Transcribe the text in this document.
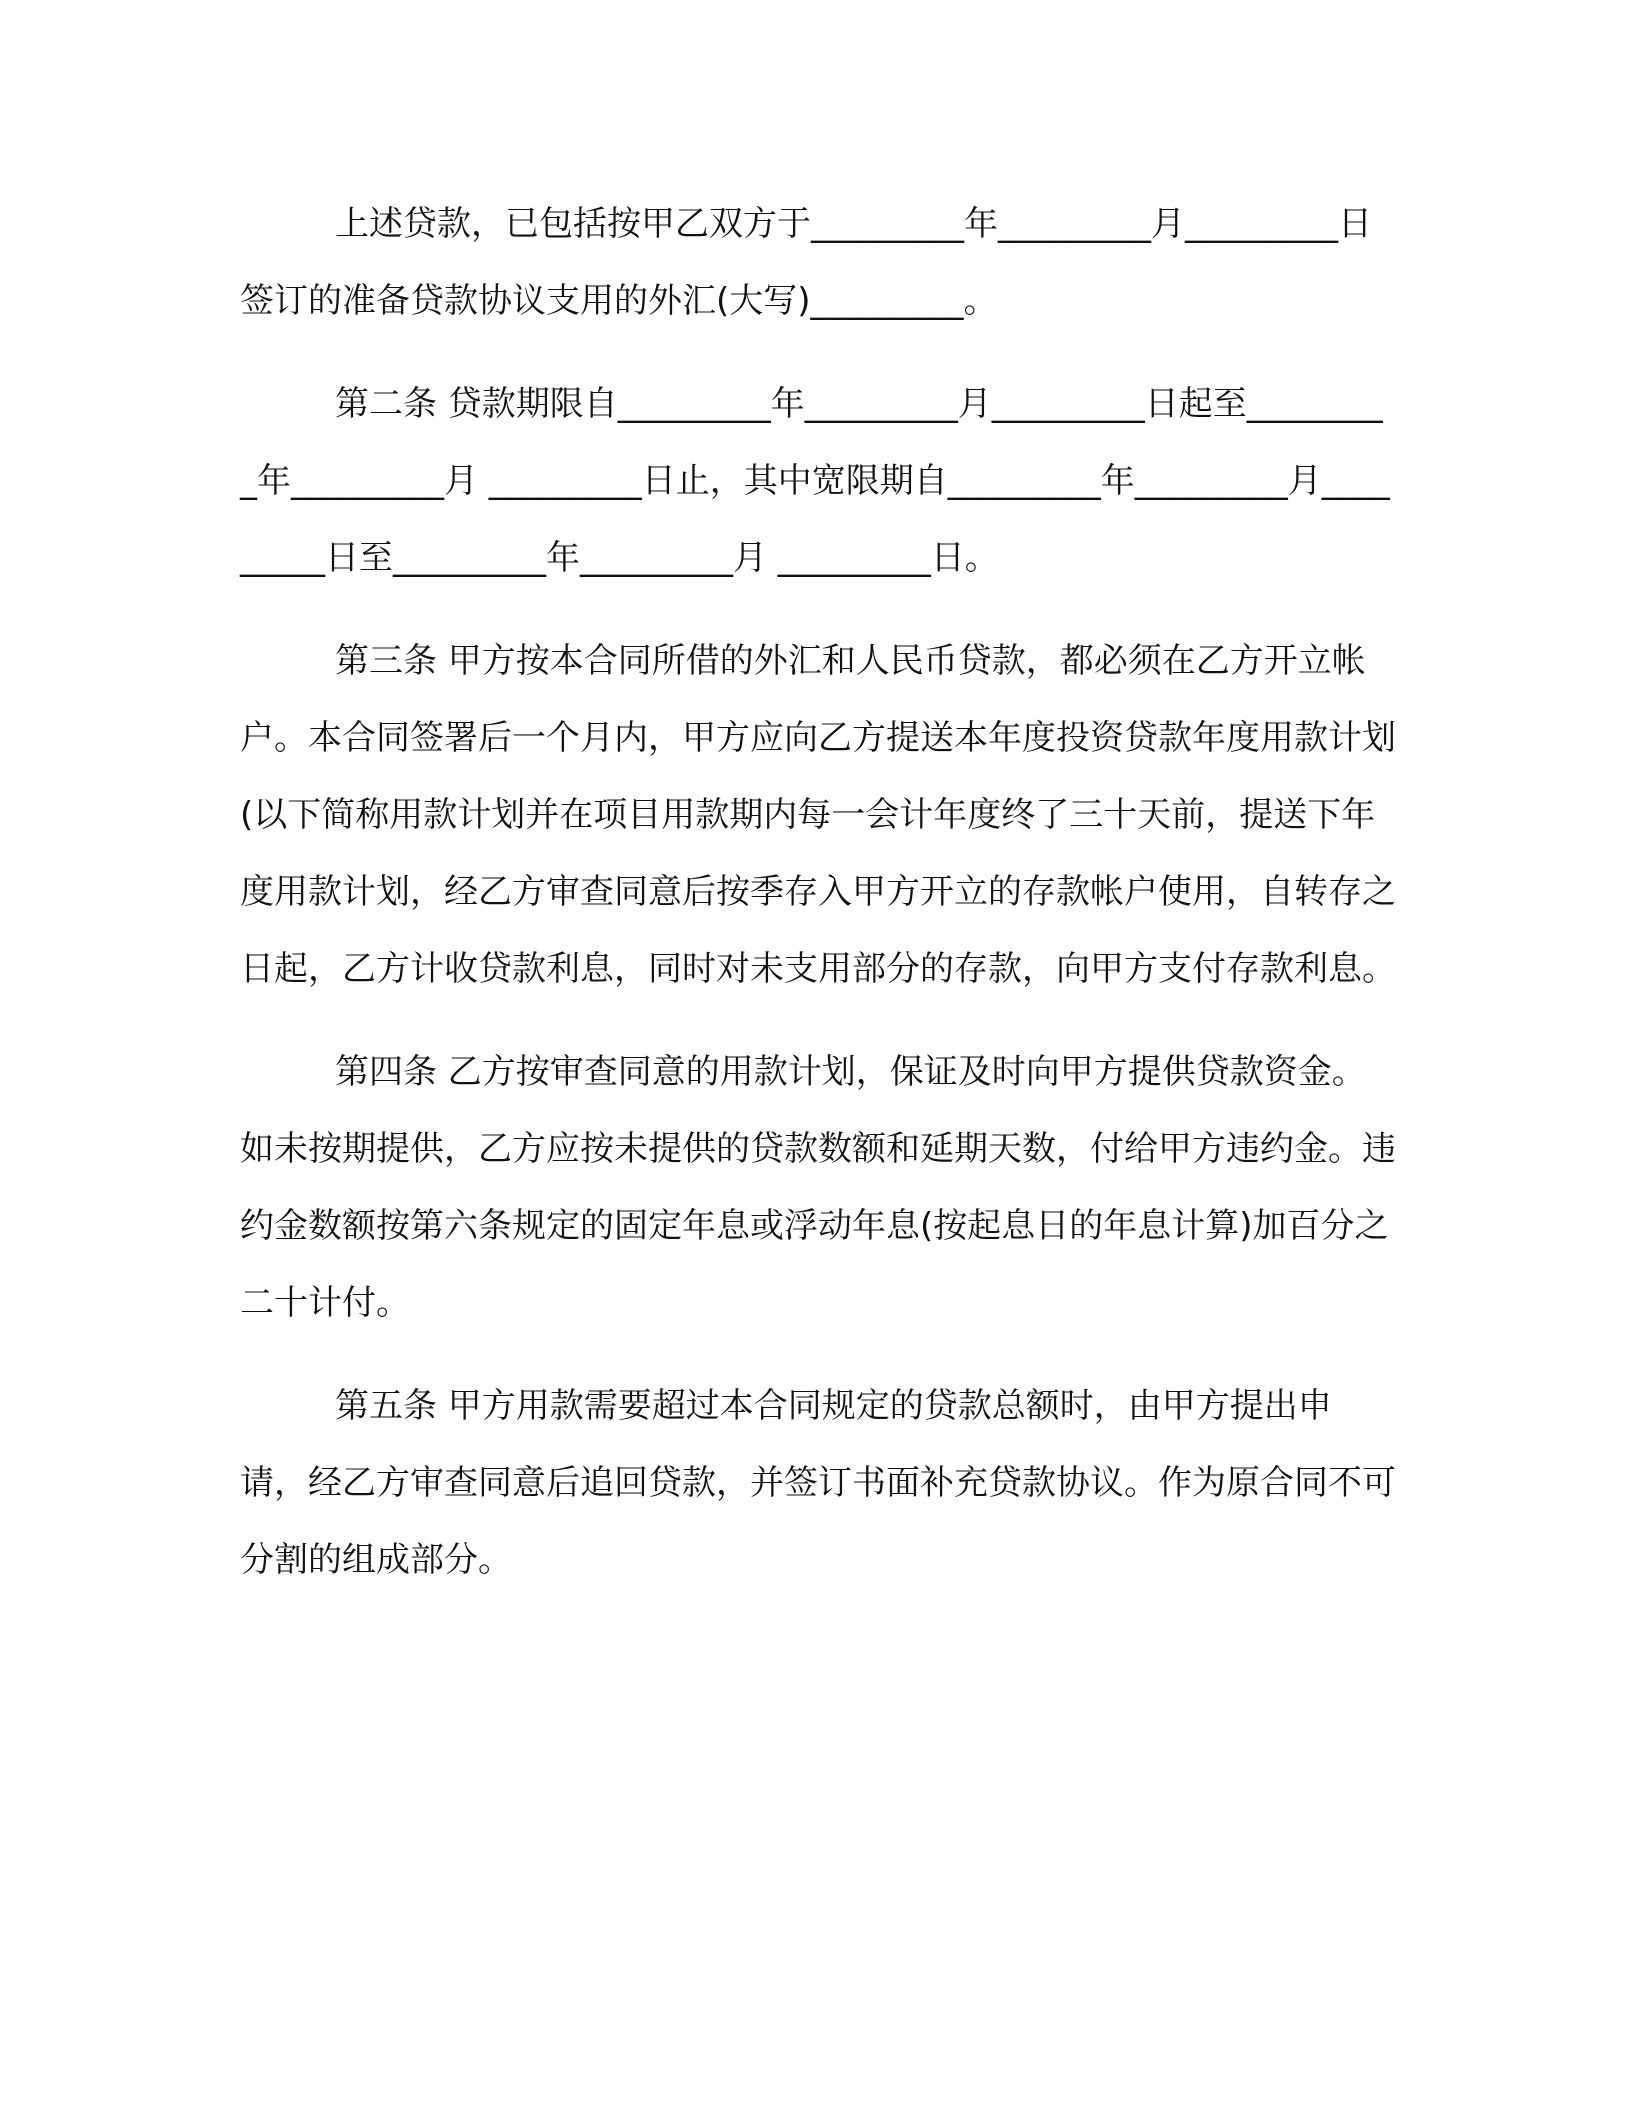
上述贷款，已包括按甲乙双方于_________年_________月_________日签订的准备贷款协议支用的外汇(大写)_________。

第二条 贷款期限自_________年_________月_________日起至_________年_________月 _________日止，其中宽限期自_________年_________月_________日至_________年_________月 _________日。

第三条 甲方按本合同所借的外汇和人民币贷款，都必须在乙方开立帐户。本合同签署后一个月内，甲方应向乙方提送本年度投资贷款年度用款计划 (以下简称用款计划并在项目用款期内每一会计年度终了三十天前，提送下年度用款计划，经乙方审查同意后按季存入甲方开立的存款帐户使用，自转存之日起，乙方计收贷款利息，同时对未支用部分的存款，向甲方支付存款利息。

第四条 乙方按审查同意的用款计划，保证及时向甲方提供贷款资金。如未按期提供，乙方应按未提供的贷款数额和延期天数，付给甲方违约金。违约金数额按第六条规定的固定年息或浮动年息(按起息日的年息计算)加百分之二十计付。

第五条 甲方用款需要超过本合同规定的贷款总额时，由甲方提出申请，经乙方审查同意后追回贷款，并签订书面补充贷款协议。作为原合同不可分割的组成部分。
